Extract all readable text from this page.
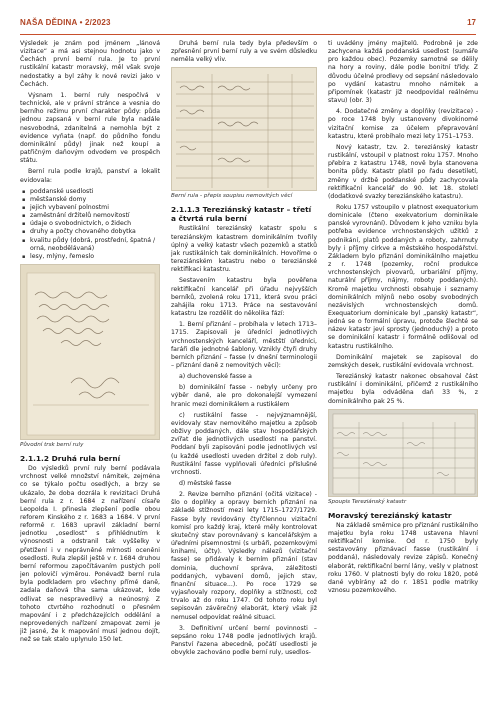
NAŠA DĚDINA • 2/2023	17

Výsledek je znám pod jménem „lánová vizitace“ a má asi stejnou hodnotu jako v Čechách první berní rula. Je to první rustikální katastr moravský, měl však svoje nedostatky a byl záhy k nové revizi jako v Čechách.

Výsnam 1. berní ruly nespočívá v technické, ale v právní stránce a vesnia do berního režimu první charakter půdy: půda jednou zapsaná v berní rule byla nadále nesvobodná, zdanitelná a nemohla být z evidence vyňata (např. do půdního fondu dominikální půdy) jinak než koupí a patřičným daňovým odvodem ve prospěch státu.

Berní rula podle krajů, panství a lokalit evidovala:

▪ poddanské usedlosti
▪ městšanské domy
▪ jejich vybavení polnostmi
▪ zaměstnání držitelů nemovitostí
▪ údaje o svobodnictvích, o židech
▪ druhy a počty chovaného dobytka
▪ kvalitu půdy (dobrá, prostřední, špatná / orná, neobdělávaná)
▪ lesy, mlýny, řemeslo
Původní trsk berní ruly
2.1.1.2 Druhá rula berní

Do výsledků první ruly berní podávala vrchnost velké množství námitek, zejména co se týkalo počtu osedlých, a brzy se ukázalo, že doba dozrála k revizitaci Druhá berní rula z r. 1684 z nařízení císaře Leopolda I. přinesla zlepšení podle obou reforem Kinského z r. 1683 a 1684. V první reformě r. 1683 upravil základní berní jednotku „osedlost“ s přihlédnutím k výnosnosti a odstranil tak vyššelky v přetížení i v neprávněné mírnosti oceněni osedlosti. Rula zlepšil ještě v r. 1684 druhou berní reformou započítávaním pustých polí jen polovičí výměrou. Ponévadž berní rula byla podkladem pro všechny přímé daně, zadala daňová tíha sama ukázovat, kde odlivat se nespravedlivý a neúnosný. Z tohoto ctvrtého rozhodnutí o přesném mapování i z předcházejících oddělání a neprovedených nařízení zmapovat zemi je již jasné, že k mapování musí jednou dojít, než se tak stalo uplynulo 150 let.

Druhá berní rula tedy byla především o zpřesnění první berní ruly a ve svém důsledku neměla velký vliv.

Berní rula - přepis soupisu nemovitých věcí
2.1.1.3 Tereziánský katastr – třetí a čtvrtá rula berní

Rustikální tereziánský katastr spolu s tereziánským katastrem dominikálním tvořily úplný a velký katastr všech pozemků a statků jak rustikálních tak dominikálních. Hovoříme o tereziánském katastru nebo o tereziánské rektifikaci katastru.

Sestavením katastru byla pověřena rektifikační kancelář při úřadu nejvyšších berníků, zvolená roku 1711, která svou práci zahájila roku 1713. Práce na sestavování katastru lze rozdělit do několika fází:

1. Berní přiznání – probíhala v letech 1713–1715. Zapisovali je úřednící jednotlivých vrchnostenských kanceláří, městští úředníci, faráři dle jednotné šablony. Vznikly čtyři druhy berních přiznání – fasse (v dnešní terminologii – přiznání daně z nemovitých věcí):

a) duchovenské fasse a

b) dominikální fasse - nebyly určeny pro výběr daně, ale pro dokonalejší vymezení hranic mezi dominikálem a rustikálem

c) rustikální fasse - nejvýznamnější, evidovaly stav nemovitého majetku a způsob obživy poddaných, dále stav hospodářských zvířat dle jednotlivých usedlostí na panství. Poddaní byli zapisováni podle jednotlivých vsí (u každé usedlosti uveden držitel z dob ruly). Rustikální fasse vyplňovali úředníci příslušné vrchnosti.

d) městské fasse

2. Revize berního přiznání (očitá vizitace) - šlo o doplňky a opravy berních přiznání na základě stížností mezi lety 1715–1727/1729. Fasse byly revidovány čtyřčlennou vizitační komisí pro každý kraj, které měly kontrolovat skutečný stav porovnávaný s kancelářským a úředními písemnostmi (s urbáři, pozemkovými knihami, účty). Výsledky nálezů (vizitační fasse) se přidávaly k berním přiznání (stav dominia, duchovní správa, záležitosti poddaných, vybavení domů, jejich stav, finanční situace...). Po roce 1729 se vyjasňovaly rozpory, doplňky a stížnosti, což trvalo až do roku 1747. Od tohoto roku byl sepisován závěrečný elaborát, který však již nemusel odpovídat reálné situaci.

3. Definitivní určení berní povinnosti – sepsáno roku 1748 podle jednotlivých krajů. Panství řazena abecedně, počátí usedlosti je obvykle zachováno podle berní ruly, usedlos-

ti uvádény jmény majitelů. Podrobně je zde zachycena každá poddanská usedlost (sumáře pro každou obec). Pozemky samotné se dělily na hory a roviny, dále podle bonitní třídy. Z důvodu účelné prodlevy od sepsání následovalo po vydání katastru mnoho námitek a připomínek (katastr již neodpovídal reálnému stavu) (obr. 3)

4. Dodatečné změny a doplňky (revizitace) - po roce 1748 byly ustanoveny divokinomé vizitační komise za účelem přepravování katastru, které probíhalo mezi lety 1751–1753.

Nový katastr, tzv. 2. tereziánský katastr rustikální, vstoupil v platnost roku 1757. Mnoho přebíra z katastru 1748, nově byla stanovena bonita půdy. Katastr platil po řadu desetiletí, změny v držbě poddanské půdy zachycovala rektifikační kancelář do 90. let 18. století (dodatkové svazky tereziánského katastru).

Roku 1757 vstoupilo v platnost exequatorium dominicale (čteno exekvatorium dominikale panské vyrovnání). Důvodem k jeho vzniku byla potřeba evidence vrchnostenských užitků z podnikání, platů poddaných a roboty, zahrnuty byly i příjmy církve a městského hospodářství. Základem bylo přiznání dominikálního majetku z r. 1748 (pozemky, roční produkce vrchnostenských pivovarů, urbariální příjmy, naturální příjmy, nájmy, roboty poddaných). Kromě majetku vrchnosti obsahuje i seznamy dominikálních mlýnů nebo osoby svobodných nezávislých vrchnostenských domů. Exequatorium dominicale byl „panský katastr“, jedná se o formální úpravu, protože šlechté se název katastr jeví sprosty (jednoduchý) a proto se dominikální katastr i formálně odlišoval od katastru rustikálního.

Dominikální majetek se zapisoval do zemských desek, rustikální evidovala vrchnost.

Tereziánský katastr nakonec obsahoval část rustikální i dominikální, přičemž z rustikálního majetku byla odváděna daň 33 %, z dominikálního pak 25 %.

Spoupis Tereziánský katastr
Moravský tereziánský katastr

Na základě směrnice pro přiznání rustikálního majetku byla roku 1748 ustavena hlavní rektifikační komise. Od r. 1750 byly sestavovány přiznávací fasse (rustikální i poddaná), následovaly revize zápisů. Konečný elaborát, rektifikační berní lány, vešly v platnost roku 1760. V platnosti byly do roku 1820, poté dané vybírány až do r. 1851 podle matriky vznosu pozemkového.
